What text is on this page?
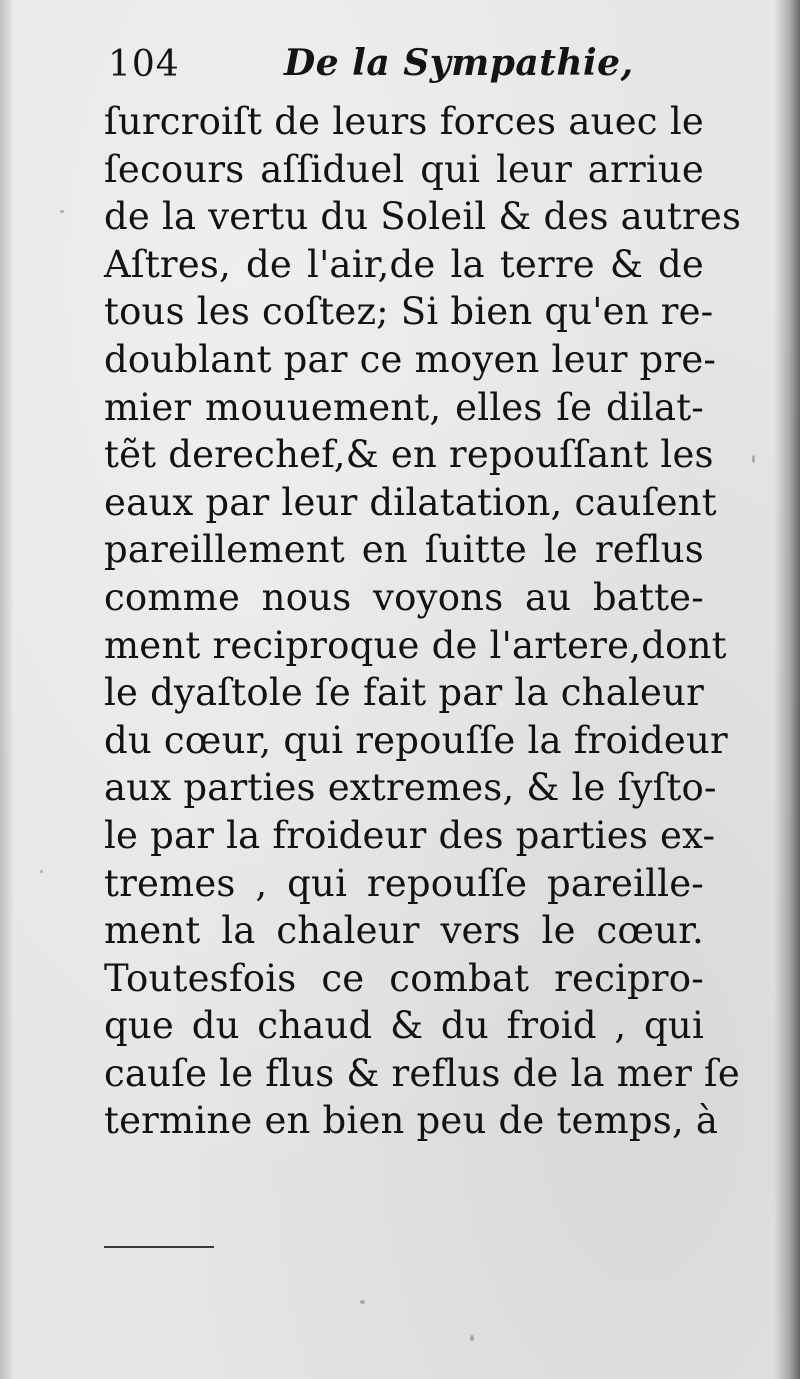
104	De la Sympathie,
ſurcroiſt de leurs forces auec le
ſecours aſſiduel qui leur arriue
de la vertu du Soleil & des autres
Aſtres, de l'air,de la terre & de
tous les coſtez; Si bien qu'en re-
doublant par ce moyen leur pre-
mier mouuement, elles ſe dilat-
tẽt derechef,& en repouſſant les
eaux par leur dilatation, cauſent
pareillement en ſuitte le reflus
comme nous voyons au batte-
ment reciproque de l'artere,dont
le dyaſtole ſe fait par la chaleur
du cœur, qui repouſſe la froideur
aux parties extremes, & le ſyſto-
le par la froideur des parties ex-
tremes , qui repouſſe pareille-
ment la chaleur vers le cœur.
Toutesfois ce combat recipro-
que du chaud & du froid , qui
cauſe le flus & reflus de la mer ſe
termine en bien peu de temps, à
